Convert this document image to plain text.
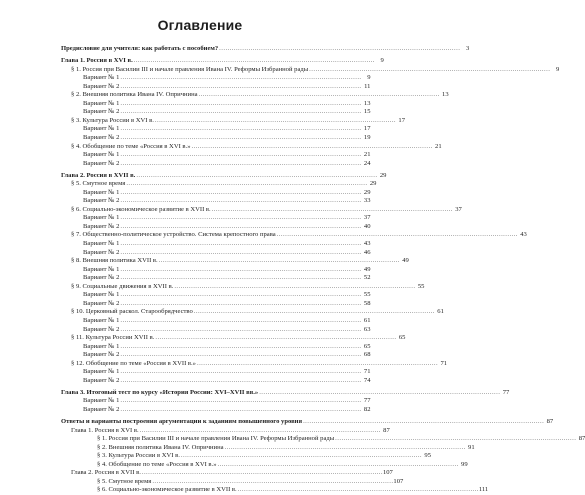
Оглавление
Предисловие для учителя: как работать с пособием? . . .	3
Глава 1. Россия в XVI в. . . .	9
§ 1. Россия при Василии III и начале правления Ивана IV. Реформы Избранной рады . . .	9
Вариант № 1 . . .	9
Вариант № 2 . . .	11
§ 2. Внешняя политика Ивана IV. Опричнина . . .	13
Вариант № 1 . . .	13
Вариант № 2 . . .	15
§ 3. Культура России в XVI в. . . .	17
Вариант № 1 . . .	17
Вариант № 2 . . .	19
§ 4. Обобщение по теме «Россия в XVI в.» . . .	21
Вариант № 1 . . .	21
Вариант № 2 . . .	24
Глава 2. Россия в XVII в. . . .	29
§ 5. Смутное время . . .	29
Вариант № 1 . . .	29
Вариант № 2 . . .	33
§ 6. Социально-экономическое развитие в XVII в. . . .	37
Вариант № 1 . . .	37
Вариант № 2 . . .	40
§ 7. Общественно-политическое устройство. Система крепостного права . . .	43
Вариант № 1 . . .	43
Вариант № 2 . . .	46
§ 8. Внешняя политика XVII в. . . .	49
Вариант № 1 . . .	49
Вариант № 2 . . .	52
§ 9. Социальные движения в XVII в. . . .	55
Вариант № 1 . . .	55
Вариант № 2 . . .	58
§ 10. Церковный раскол. Старообрядчество . . .	61
Вариант № 1 . . .	61
Вариант № 2 . . .	63
§ 11. Культура России XVII в. . . .	65
Вариант № 1 . . .	65
Вариант № 2 . . .	68
§ 12. Обобщение по теме «Россия в XVII в.» . . .	71
Вариант № 1 . . .	71
Вариант № 2 . . .	74
Глава 3. Итоговый тест по курсу «История России: XVI–XVII вв.» . . .	77
Вариант № 1 . . .	77
Вариант № 2 . . .	82
Ответы и варианты построения аргументации к заданиям повышенного уровня . . .	87
Глава 1. Россия в XVI в. . . .	87
§ 1. Россия при Василии III и начале правления Ивана IV. Реформы Избранной рады . . .	87
§ 2. Внешняя политика Ивана IV. Опричнина . . .	91
§ 3. Культура России в XVI в. . . .	95
§ 4. Обобщение по теме «Россия в XVI в.» . . .	99
Глава 2. Россия в XVII в. . . .	107
§ 5. Смутное время . . .	107
§ 6. Социально-экономическое развитие в XVII в. . . .	111
